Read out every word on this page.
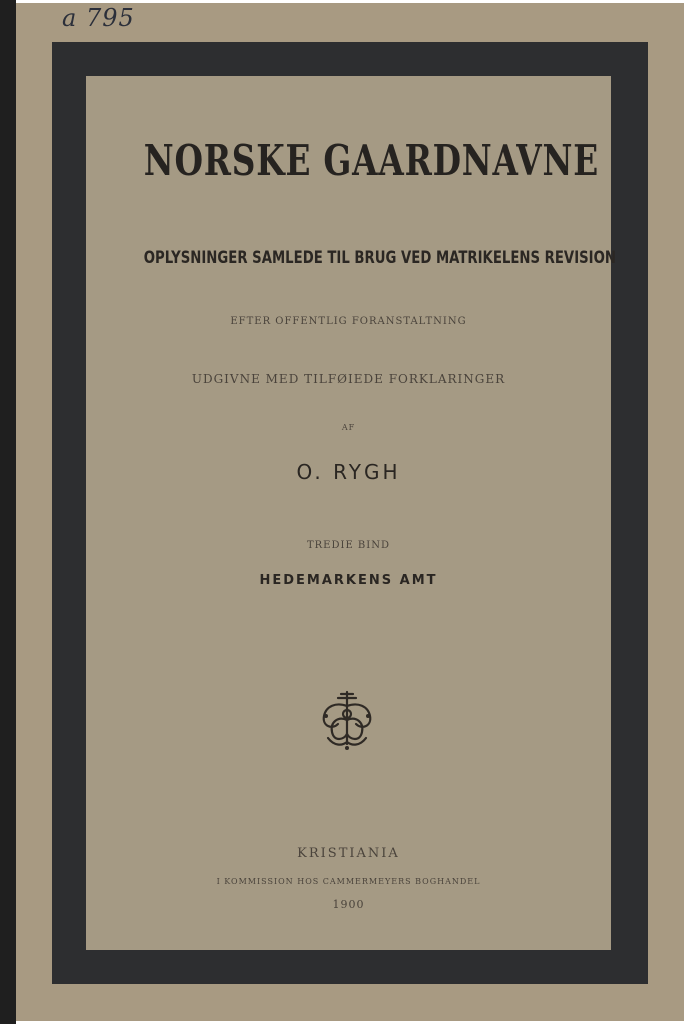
a 795
NORSKE GAARDNAVNE
OPLYSNINGER SAMLEDE TIL BRUG VED MATRIKELENS REVISION
EFTER OFFENTLIG FORANSTALTNING
UDGIVNE MED TILFØIEDE FORKLARINGER
AF
O. RYGH
TREDIE BIND
HEDEMARKENS AMT
KRISTIANIA
I KOMMISSION HOS CAMMERMEYERS BOGHANDEL
1900
